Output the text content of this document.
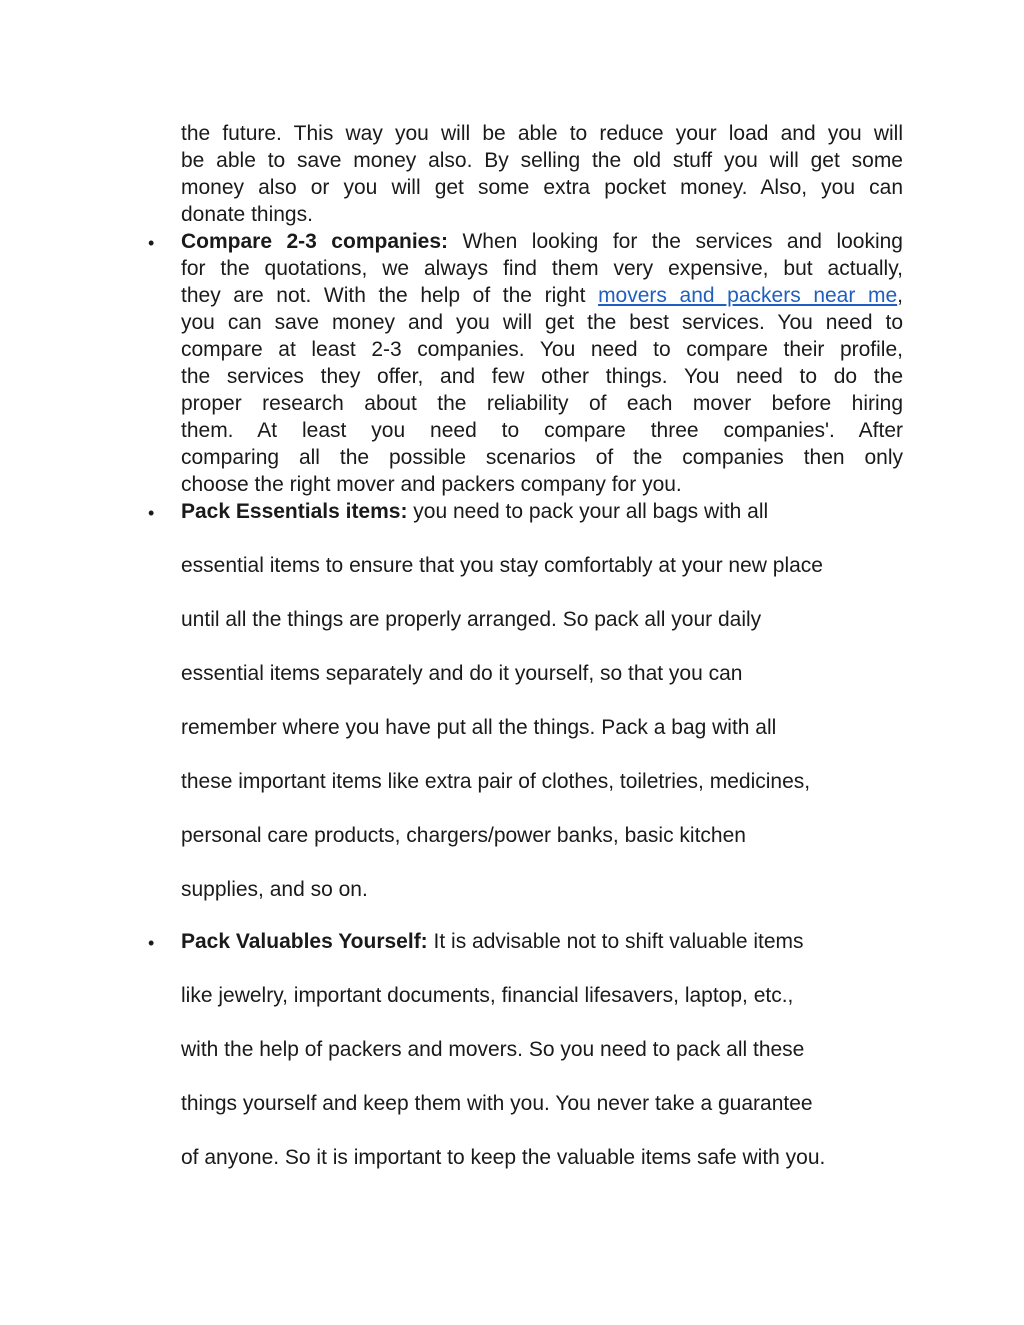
the future. This way you will be able to reduce your load and you will
be able to save money also. By selling the old stuff you will get some
money also or you will get some extra pocket money. Also, you can
donate things.
• Compare 2-3 companies: When looking for the services and looking
for the quotations, we always find them very expensive, but actually,
they are not. With the help of the right movers and packers near me,
you can save money and you will get the best services. You need to
compare at least 2-3 companies. You need to compare their profile,
the services they offer, and few other things. You need to do the
proper research about the reliability of each mover before hiring
them. At least you need to compare three companies'. After
comparing all the possible scenarios of the companies then only
choose the right mover and packers company for you.
• Pack Essentials items: you need to pack your all bags with all
essential items to ensure that you stay comfortably at your new place
until all the things are properly arranged. So pack all your daily
essential items separately and do it yourself, so that you can
remember where you have put all the things. Pack a bag with all
these important items like extra pair of clothes, toiletries, medicines,
personal care products, chargers/power banks, basic kitchen
supplies, and so on.
• Pack Valuables Yourself: It is advisable not to shift valuable items
like jewelry, important documents, financial lifesavers, laptop, etc.,
with the help of packers and movers. So you need to pack all these
things yourself and keep them with you. You never take a guarantee
of anyone. So it is important to keep the valuable items safe with you.
